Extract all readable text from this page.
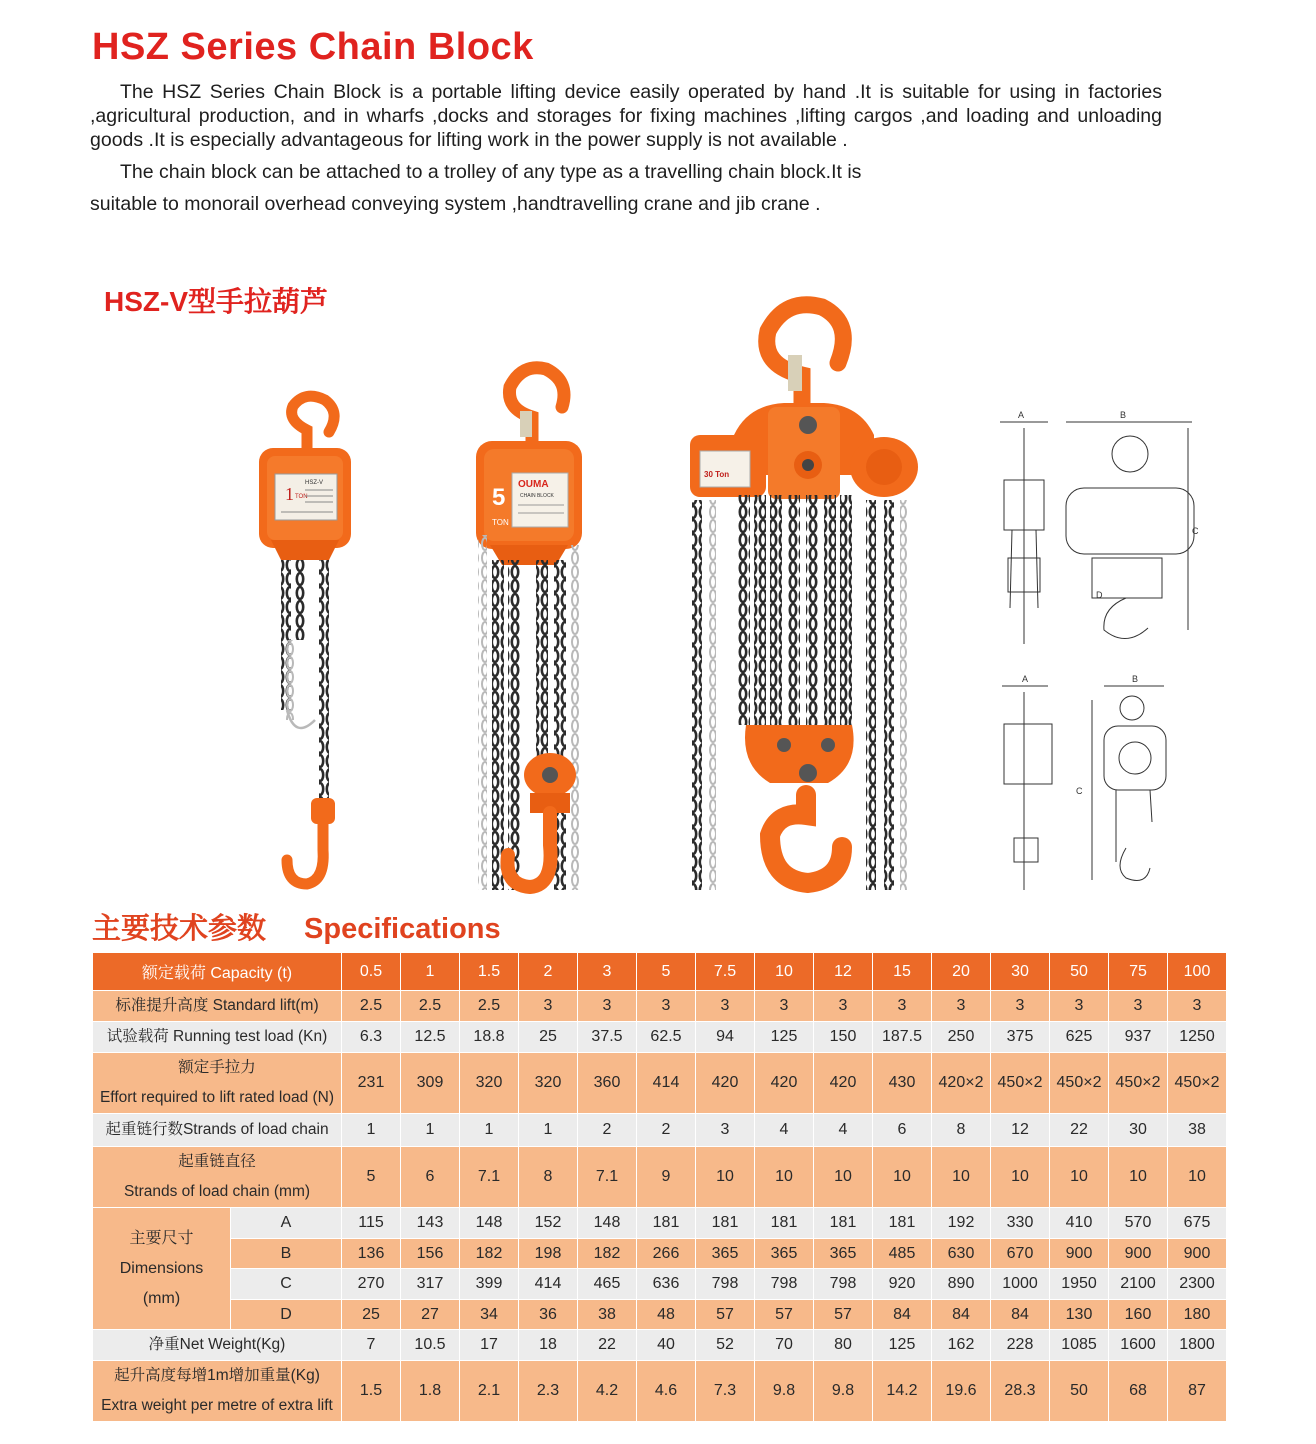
HSZ Series Chain Block
The HSZ Series Chain Block is a portable lifting device easily operated by hand .It is suitable for using in factories ,agricultural production, and in wharfs ,docks and storages for fixing machines ,lifting cargos ,and loading and unloading goods .It is especially advantageous for lifting work in the power supply is not available .
The chain block can be attached to a trolley of any type as a travelling chain block.It is
suitable to monorail overhead conveying system ,handtravelling crane and jib crane .
HSZ-V型手拉葫芦
1 TON
HSZ-V
5
TON
OUMA
CHAIN BLOCK
30 Ton
A	B
C
D
A	B
C
主要技术参数 Specifications
额定载荷 Capacity (t)		0.5	1	1.5	2	3	5	7.5	10	12	15	20	30	50	75	100

标准提升高度 Standard lift(m)		2.5	2.5	2.5	3	3	3	3	3	3	3	3	3	3	3	3

试验载荷 Running test load (Kn)		6.3	12.5	18.8	25	37.5	62.5	94	125	150	187.5	250	375	625	937	1250

额定手拉力
Effort required to lift rated load (N)		231	309	320	320	360	414	420	420	420	430	420×2	450×2	450×2	450×2	450×2

起重链行数Strands of load chain		1	1	1	1	2	2	3	4	4	6	8	12	22	30	38

起重链直径
Strands of load chain (mm)		5	6	7.1	8	7.1	9	10	10	10	10	10	10	10	10	10

主要尺寸
Dimensions
(mm)	A	115	143	148	152	148	181	181	181	181	181	192	330	410	570	675
	B	136	156	182	198	182	266	365	365	365	485	630	670	900	900	900
	C	270	317	399	414	465	636	798	798	798	920	890	1000	1950	2100	2300
	D	25	27	34	36	38	48	57	57	57	84	84	84	130	160	180

净重Net Weight(Kg)		7	10.5	17	18	22	40	52	70	80	125	162	228	1085	1600	1800

起升高度每增1m增加重量(Kg)
Extra weight per metre of extra lift		1.5	1.8	2.1	2.3	4.2	4.6	7.3	9.8	9.8	14.2	19.6	28.3	50	68	87
